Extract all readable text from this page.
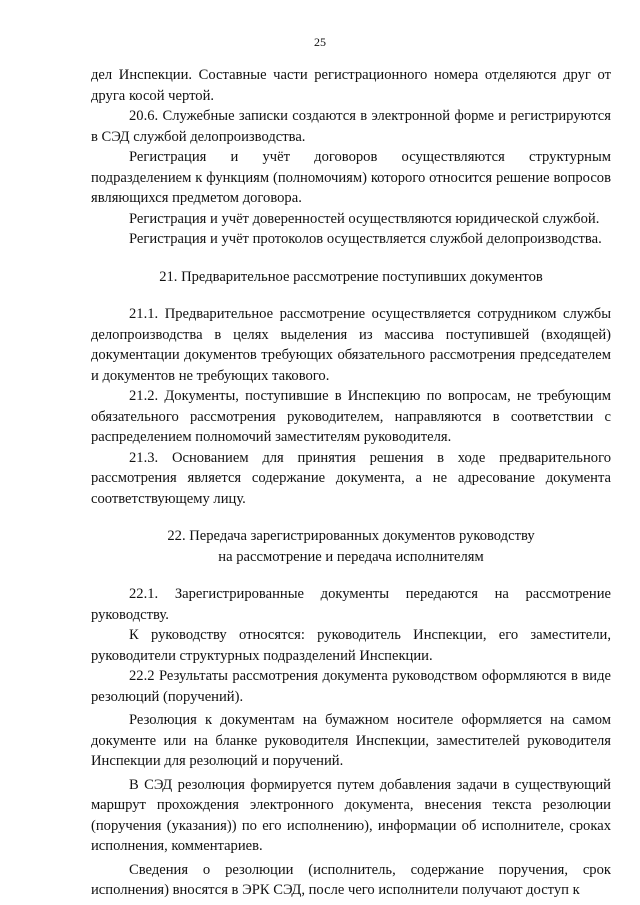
25

дел Инспекции. Составные части регистрационного номера отделяются друг от друга косой чертой.

20.6. Служебные записки создаются в электронной форме и регистрируются в СЭД службой делопроизводства.

Регистрация и учёт договоров осуществляются структурным подразделением к функциям (полномочиям) которого относится решение вопросов являющихся предметом договора.

Регистрация и учёт доверенностей осуществляются юридической службой.

Регистрация и учёт протоколов осуществляется службой делопроизводства.

21. Предварительное рассмотрение поступивших документов

21.1. Предварительное рассмотрение осуществляется сотрудником службы делопроизводства в целях выделения из массива поступившей (входящей) документации документов требующих обязательного рассмотрения председателем и документов не требующих такового.

21.2. Документы, поступившие в Инспекцию по вопросам, не требующим обязательного рассмотрения руководителем, направляются в соответствии с распределением полномочий заместителям руководителя.

21.3. Основанием для принятия решения в ходе предварительного рассмотрения является содержание документа, а не адресование документа соответствующему лицу.

22. Передача зарегистрированных документов руководству
на рассмотрение и передача исполнителям

22.1. Зарегистрированные документы передаются на рассмотрение руководству.

К руководству относятся: руководитель Инспекции, его заместители, руководители структурных подразделений Инспекции.

22.2 Результаты рассмотрения документа руководством оформляются в виде резолюций (поручений).

Резолюция к документам на бумажном носителе оформляется на самом документе или на бланке руководителя Инспекции, заместителей руководителя Инспекции для резолюций и поручений.

В СЭД резолюция формируется путем добавления задачи в существующий маршрут прохождения электронного документа, внесения текста резолюции (поручения (указания)) по его исполнению), информации об исполнителе, сроках исполнения, комментариев.

Сведения о резолюции (исполнитель, содержание поручения, срок исполнения) вносятся в ЭРК СЭД, после чего исполнители получают доступ к
